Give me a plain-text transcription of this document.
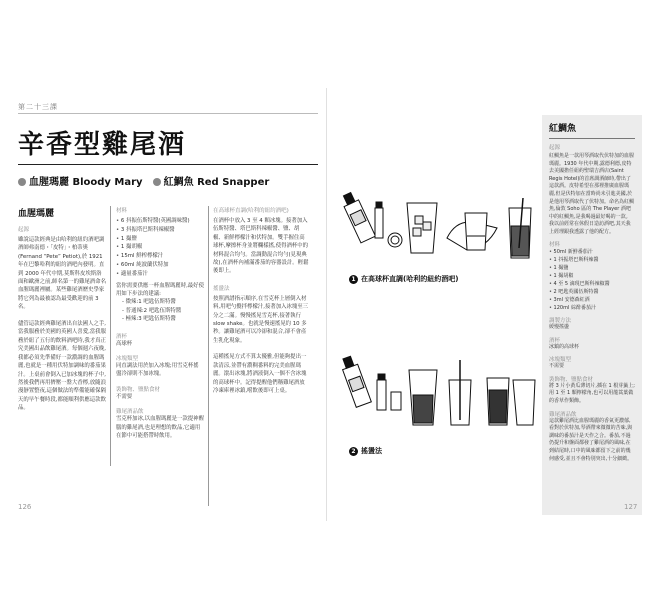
第二十三課
辛香型雞尾酒
血腥瑪麗 Bloody Mary	紅鯛魚 Red Snapper
血腥瑪麗
起源
雖說這款經典是由哈利的紐約酒吧調酒師弗南德・「皮特」・柏蒂奧(Fernand “Pete” Petiot),於 1921 年在巴黎哈利的紐約酒吧內發明。直到 2000 年代中期,莫斯科皮埃斯洛面和歐洲之前,師名第一的雞尾酒命名血腥瑪麗裡屬。某些雞尾酒歷史學家將它列為最被認為最受歡迎的前 3 名。

儘管這款經典雞尾酒出自法國人之手,當我服務於美國的英國人喜愛,當我服務於紐了五行的飲料酒吧時,我才真正究美國出品飲雞尾酒。每個週六夜晚,我都必須先準備好一款濃調的血腥瑪麗,也就是一種用伏特加調味的番茄果汁。上桌前會倒入已加冰塊的杯子中,然後我們再用擠壓一盤大香檸,放隨浪漫靜置整夜,這個做法的準備能確保隔天的早午餐時段,都能順利供應這款飲品。
材料
• 6 抖振伍斯特醬(英國調味醬)
• 3 抖振塔巴斯科辣椒醬
• 1 撮鹽
• 1 撮胡椒
• 15ml 鮮榨檸檬汁
• 60ml 純波蘭伏特加
• 適量番茄汁
當你需要供應一杯血腥瑪麗時,最好使用如下步法的建議:
- 微辣:1 吧匙伍斯特醬
- 普通辣:2 吧匙伍斯特醬
- 極辣:3 吧匙伍斯特醬
酒杯
高球杯
冰塊類型
同直調法用於加入冰塊;用雪克杯搖盪冷卻則不加冰塊。
裝飾物、鹽點食材
不需要
雞尾酒品飲
雪克杯加冰,以血腥瑪麗是一款提神醒腦的雞尾酒,也是理想的飲品,它適用在節中可能搭帶時飲用。
在高球杯直調(哈利的紐約酒吧)
在酒杯中放入 3 至 4 顆冰塊。接著加入伍斯特醬、塔巴斯科辣椒醬、鹽、胡椒、新鮮檸檬汁和伏特加。雙手握住高球杯,摩擦杯身並將欄樣搖,使得酒杯中的材料混合均勻。當調動混合均勻(見現典故),在酒杯內補滿番茄的容器設計。輕鬆後即上。
搖盪法
按照酒譜指示順序,在雪克杯上層倒入材料,用吧勺攪拌檸檬汁,接著加入冰塊至三分之二滿。慢慢搖晃雪克杯,接著執行 slow shake。也就是慢速搖晃約 10 多秒。讓雞尾酒可以冷卻和混合,卻不會產生乳化現象。
這種搖晃方式不算太優雅,但能夠提出一款清涼,並帶有濃稠番料的完美血腥瑪麗。滾出冰塊,將酒液倒入一個不含冰塊的高球杯中。記得提醒他們稱雞尾酒放冷凍庫裡冰鎮,嚐飲後即可上桌。
126
1 在高球杯直調(哈利的紐約酒吧)
2 搖盪法
紅鯛魚
起源
紅鯛魚是一款用琴酒取代伏特加的血腥瑪麗。1930 年代中期,露德利德,皮特去美國擔任紐約聖瑞吉酒店(Saint Regis Hotel)的首席調酒師時,帶出了這款酒。皮特希望在那裡推廣血腥瑪麗,但是伏特加在當時尚未引進美國,於是他用琴酒取代了伏特加。命名為紅鯛魚,倫敦 Soho 區的 The Player 酒吧中的紅鯛魚,是我喝過最好喝的一款。我以前經常在休假日造訪酒吧,其天我上經理跟我透露了他的配方。
材料
• 50ml 新鮮番茄汁
• 1 抖振塔巴斯科辣醬
• 1 撮鹽
• 1 撮胡椒
• 4 至 5 滴現巴斯科辣椒醬
• 2 吧匙英國伍斯特醬
• 3ml 安德森紅酒
• 120ml 綜酢番茄汁
調製方法
緩慢搖盪
酒杯
冰鎮的高球杯
冰塊類型
不需要
裝飾物、鹽點食材
將 3 片小黃瓜薄切片,插在 1 根芽籤上;用 1 至 1 顆檸檬角,也可以用龍蒿葉做的香草作類飾。
雞尾酒品飲
這款雞尾酒比血腥瑪麗的香氣更濃郁,看對於伏特加,琴酒帶來微微的苦味,與調味的番茄汁是天作之合。番茄,不過仍提升和盤面都發了雞尾酒的風味,在到結尾時,口中的風味都留下之前的幾何感受,並且不會特別突出,十分細緻。
127
